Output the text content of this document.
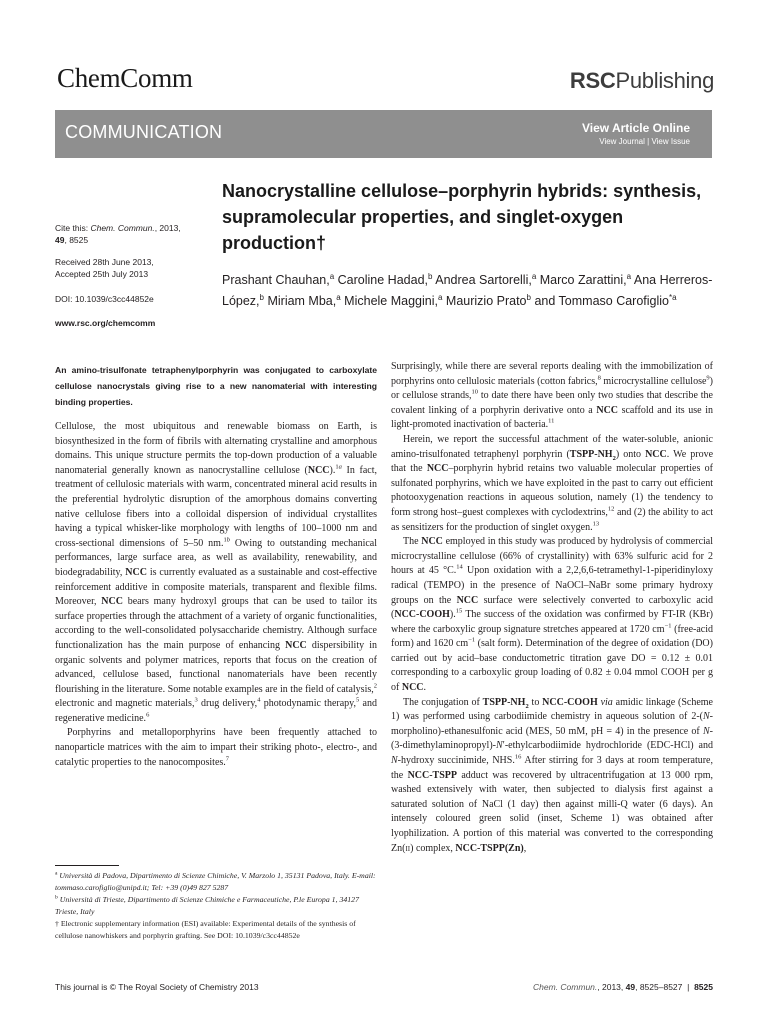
ChemComm	RSCPublishing
COMMUNICATION	View Article Online
View Journal | View Issue
Nanocrystalline cellulose–porphyrin hybrids: synthesis, supramolecular properties, and singlet-oxygen production†
Prashant Chauhan,$^a$ Caroline Hadad,$^b$ Andrea Sartorelli,$^a$ Marco Zarattini,$^a$ Ana Herreros-López,$^b$ Miriam Mba,$^a$ Michele Maggini,$^a$ Maurizio Prato$^b$ and Tommaso Carofiglio$^{*a}$
Cite this: Chem. Commun., 2013,
49, 8525
Received 28th June 2013,
Accepted 25th July 2013
DOI: 10.1039/c3cc44852e
www.rsc.org/chemcomm
An amino-trisulfonate tetraphenylporphyrin was conjugated to carboxylate cellulose nanocrystals giving rise to a new nanomaterial with interesting binding properties.

Cellulose, the most ubiquitous and renewable biomass on Earth, is biosynthesized in the form of fibrils with alternating crystalline and amorphous domains. This unique structure permits the top-down production of a valuable nanomaterial generally known as nanocrystalline cellulose (NCC).$^{1a}$ In fact, treatment of cellulosic materials with warm, concentrated mineral acid results in the preferential hydrolytic disruption of the amorphous domains converting native cellulose fibers into a colloidal dispersion of individual crystallites having a typical whisker-like morphology with lengths of 100–1000 nm and cross-sectional dimensions of 5–50 nm.$^{1b}$ Owing to outstanding mechanical performances, large surface area, as well as availability, renewability, and biodegradability, NCC is currently evaluated as a sustainable and cost-effective reinforcement additive in composite materials, transparent and flexible films. Moreover, NCC bears many hydroxyl groups that can be used to tailor its surface properties through the attachment of a variety of organic functionalities, according to the well-consolidated polysaccharide chemistry. Although surface functionalization has the main purpose of enhancing NCC dispersibility in organic solvents and polymer matrices, reports that focus on the creation of advanced, cellulose based, functional nanomaterials have been recently flourishing in the literature. Some notable examples are in the field of catalysis,$^2$ electronic and magnetic materials,$^3$ drug delivery,$^4$ photodynamic therapy,$^5$ and regenerative medicine.$^6$

Porphyrins and metalloporphyrins have been frequently attached to nanoparticle matrices with the aim to impart their striking photo-, electro-, and catalytic properties to the nanocomposites.$^7$

$^a$ Università di Padova, Dipartimento di Scienze Chimiche, V. Marzolo 1, 35131 Padova, Italy. E-mail: tommaso.carofiglio@unipd.it; Tel: +39 (0)49 827 5287

$^b$ Università di Trieste, Dipartimento di Scienze Chimiche e Farmaceutiche, P.le Europa 1, 34127 Trieste, Italy

† Electronic supplementary information (ESI) available: Experimental details of the synthesis of cellulose nanowhiskers and porphyrin grafting. See DOI: 10.1039/c3cc44852e

Surprisingly, while there are several reports dealing with the immobilization of porphyrins onto cellulosic materials (cotton fabrics,$^8$ microcrystalline cellulose$^9$) or cellulose strands,$^{10}$ to date there have been only two studies that describe the covalent linking of a porphyrin derivative onto a NCC scaffold and its use in light-promoted inactivation of bacteria.$^{11}$

Herein, we report the successful attachment of the water-soluble, anionic amino-trisulfonated tetraphenyl porphyrin $(TSPP-NH_2)$ onto NCC. We prove that the NCC–porphyrin hybrid retains two valuable molecular properties of sulfonated porphyrins, which we have exploited in the past to carry out efficient photooxygenation reactions in aqueous solution, namely (1) the tendency to form strong host–guest complexes with cyclodextrins,$^{12}$ and (2) the ability to act as sensitizers for the production of singlet oxygen.$^{13}$

The NCC employed in this study was produced by hydrolysis of commercial microcrystalline cellulose (66% of crystallinity) with 63% sulfuric acid for 2 hours at 45 °C.$^{14}$ Upon oxidation with a 2,2,6,6-tetramethyl-1-piperidinyloxy radical (TEMPO) in the presence of NaOCl–NaBr some primary hydroxy groups on the NCC surface were selectively converted to carboxylic acid (NCC-COOH).$^{15}$ The success of the oxidation was confirmed by FT-IR (KBr) where the carboxylic group signature stretches appeared at 1720 $cm^{-1}$ (free-acid form) and 1620 $cm^{-1}$ (salt form). Determination of the degree of oxidation (DO) carried out by acid–base conductometric titration gave DO = 0.12 ± 0.01 corresponding to a carboxylic group loading of 0.82 ± 0.04 mmol COOH per g of NCC.

The conjugation of TSPP-$NH_2$ to NCC-COOH via amidic linkage (Scheme 1) was performed using carbodiimide chemistry in aqueous solution of 2-(N-morpholino)-ethanesulfonic acid (MES, 50 mM, pH = 4) in the presence of N-(3-dimethylaminopropyl)-N′-ethylcarbodiimide hydrochloride (EDC-HCl) and N-hydroxy succinimide, NHS.$^{16}$ After stirring for 3 days at room temperature, the NCC-TSPP adduct was recovered by ultracentrifugation at 13 000 rpm, washed extensively with water, then subjected to dialysis first against a saturated solution of NaCl (1 day) then against milli-Q water (6 days). An intensely coloured green solid (inset, Scheme 1) was obtained after lyophilization. A portion of this material was converted to the corresponding Zn(ii) complex, NCC-TSPP(Zn),

This journal is © The Royal Society of Chemistry 2013	Chem. Commun., 2013, 49, 8525–8527 | 8525
